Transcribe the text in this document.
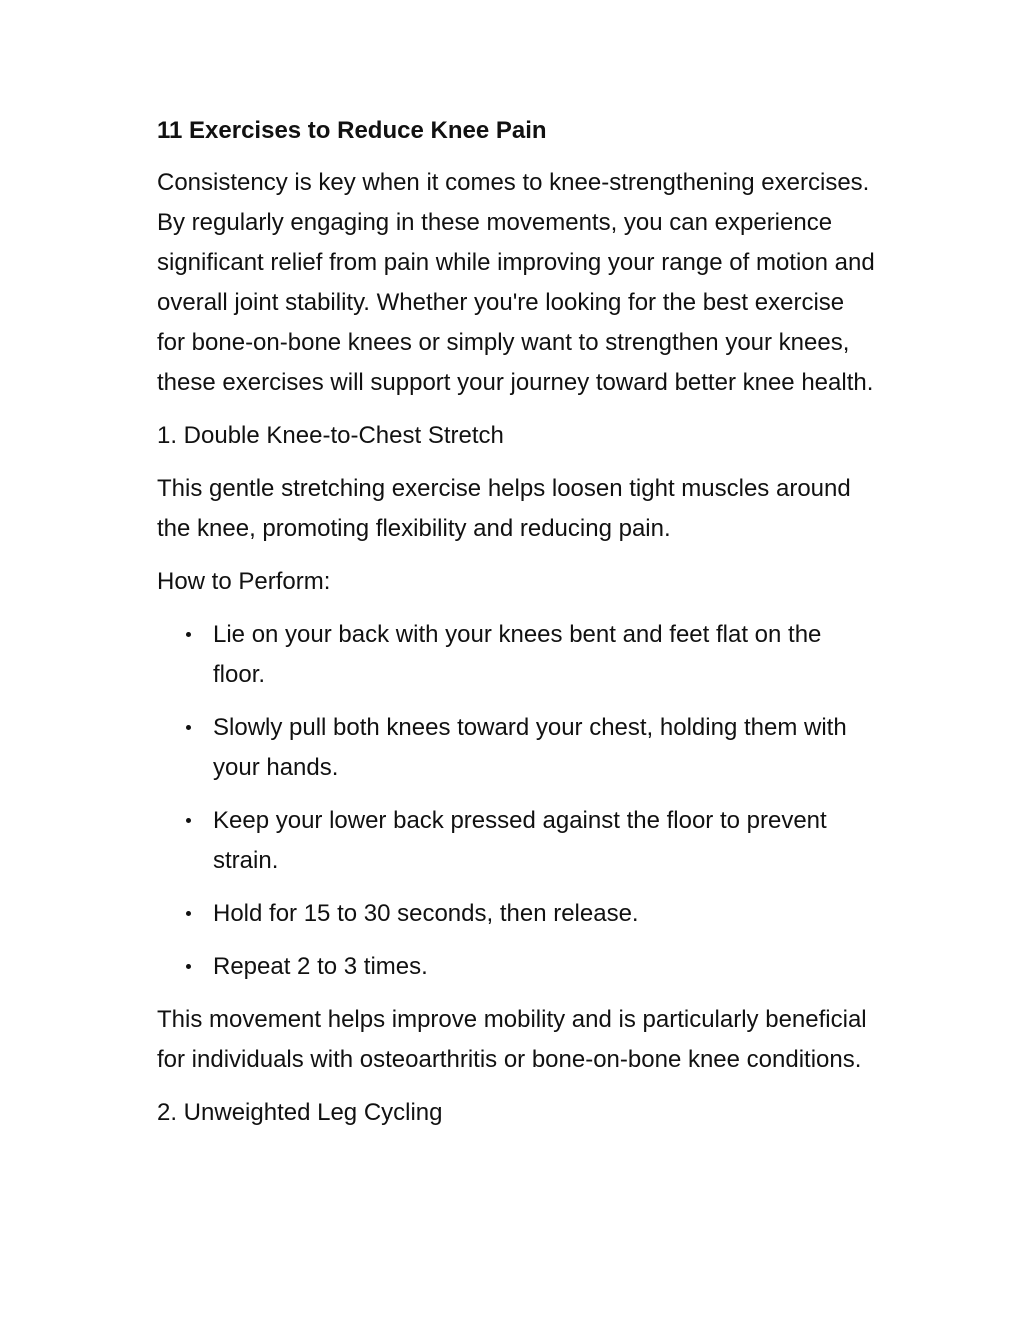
11 Exercises to Reduce Knee Pain

Consistency is key when it comes to knee-strengthening exercises. By regularly engaging in these movements, you can experience significant relief from pain while improving your range of motion and overall joint stability. Whether you're looking for the best exercise for bone-on-bone knees or simply want to strengthen your knees, these exercises will support your journey toward better knee health.

1. Double Knee-to-Chest Stretch

This gentle stretching exercise helps loosen tight muscles around the knee, promoting flexibility and reducing pain.

How to Perform:

Lie on your back with your knees bent and feet flat on the floor.
Slowly pull both knees toward your chest, holding them with your hands.
Keep your lower back pressed against the floor to prevent strain.
Hold for 15 to 30 seconds, then release.
Repeat 2 to 3 times.

This movement helps improve mobility and is particularly beneficial for individuals with osteoarthritis or bone-on-bone knee conditions.

2. Unweighted Leg Cycling
